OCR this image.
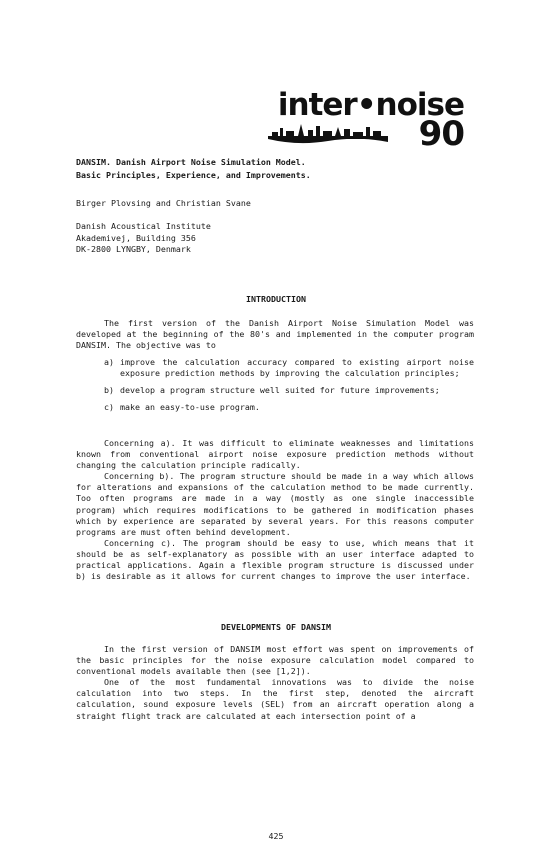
inter•noise
90
DANSIM. Danish Airport Noise Simulation Model.
Basic Principles, Experience, and Improvements.
Birger Plovsing and Christian Svane
Danish Acoustical Institute
Akademivej, Building 356
DK-2800 LYNGBY, Denmark
INTRODUCTION

The first version of the Danish Airport Noise Simulation Model was developed at the beginning of the 80's and implemented in the computer program DANSIM. The objective was to

a) improve the calculation accuracy compared to existing airport noise exposure prediction methods by improving the calculation principles;
b) develop a program structure well suited for future improvements;
c) make an easy-to-use program.

Concerning a). It was difficult to eliminate weaknesses and limitations known from conventional airport noise exposure prediction methods without changing the calculation principle radically.

Concerning b). The program structure should be made in a way which allows for alterations and expansions of the calculation method to be made currently. Too often programs are made in a way (mostly as one single inaccessible program) which requires modifications to be gathered in modification phases which by experience are separated by several years. For this reasons computer programs are must often behind development.

Concerning c). The program should be easy to use, which means that it should be as self-explanatory as possible with an user interface adapted to practical applications. Again a flexible program structure is discussed under b) is desirable as it allows for current changes to improve the user interface.

DEVELOPMENTS OF DANSIM

In the first version of DANSIM most effort was spent on improvements of the basic principles for the noise exposure calculation model compared to conventional models available then (see [1,2]).

One of the most fundamental innovations was to divide the noise calculation into two steps. In the first step, denoted the aircraft calculation, sound exposure levels (SEL) from an aircraft operation along a straight flight track are calculated at each intersection point of a

425
